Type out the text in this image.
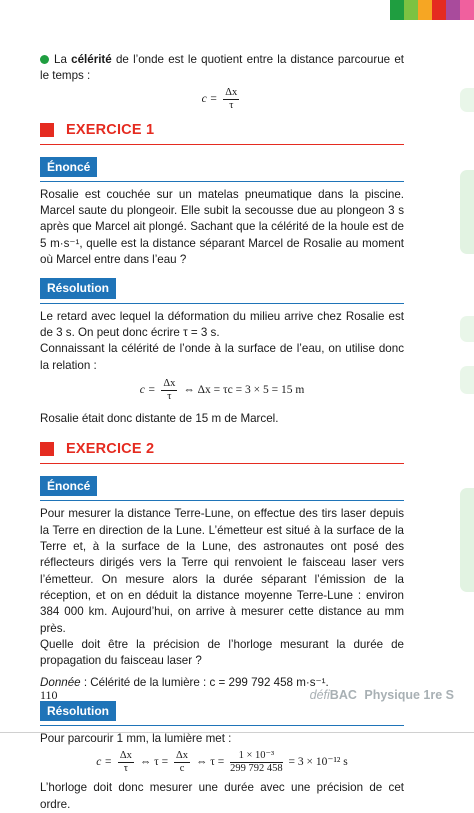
La célérité de l’onde est le quotient entre la distance parcourue et le temps :

$c = \frac{\Delta x}{\tau}$
EXERCICE 1
Énoncé

Rosalie est couchée sur un matelas pneumatique dans la piscine. Marcel saute du plongeoir. Elle subit la secousse due au plongeon 3 s après que Marcel ait plongé. Sachant que la célérité de la houle est de 5 m·s⁻¹, quelle est la distance séparant Marcel de Rosalie au moment où Marcel entre dans l’eau ?

Résolution

Le retard avec lequel la déformation du milieu arrive chez Rosalie est de 3 s. On peut donc écrire τ = 3 s.

Connaissant la célérité de l’onde à la surface de l’eau, on utilise donc la relation :

$c = \frac{\Delta x}{\tau}$ ⇔ Δx = τc = 3 × 5 = 15 m

Rosalie était donc distante de 15 m de Marcel.

EXERCICE 2
Énoncé

Pour mesurer la distance Terre-Lune, on effectue des tirs laser depuis la Terre en direction de la Lune. L’émetteur est situé à la surface de la Terre et, à la surface de la Lune, des astronautes ont posé des réflecteurs dirigés vers la Terre qui renvoient le faisceau laser vers l’émetteur. On mesure alors la durée séparant l’émission de la réception, et on en déduit la distance moyenne Terre-Lune : environ 384 000 km. Aujourd’hui, on arrive à mesurer cette distance au mm près.

Quelle doit être la précision de l’horloge mesurant la durée de propagation du faisceau laser ?

Donnée : Célérité de la lumière : c = 299 792 458 m·s⁻¹.

Résolution

Pour parcourir 1 mm, la lumière met :

$c = \frac{\Delta x}{\tau}$ ⇔ $\tau = \frac{\Delta x}{c}$ ⇔ $\tau = \frac{\text{1 × 10⁻³}}{299 792 458} = 3 \times 10^{-12}$ s

L’horloge doit donc mesurer une durée avec une précision de cet ordre.

110	défiBAC Physique 1re S
